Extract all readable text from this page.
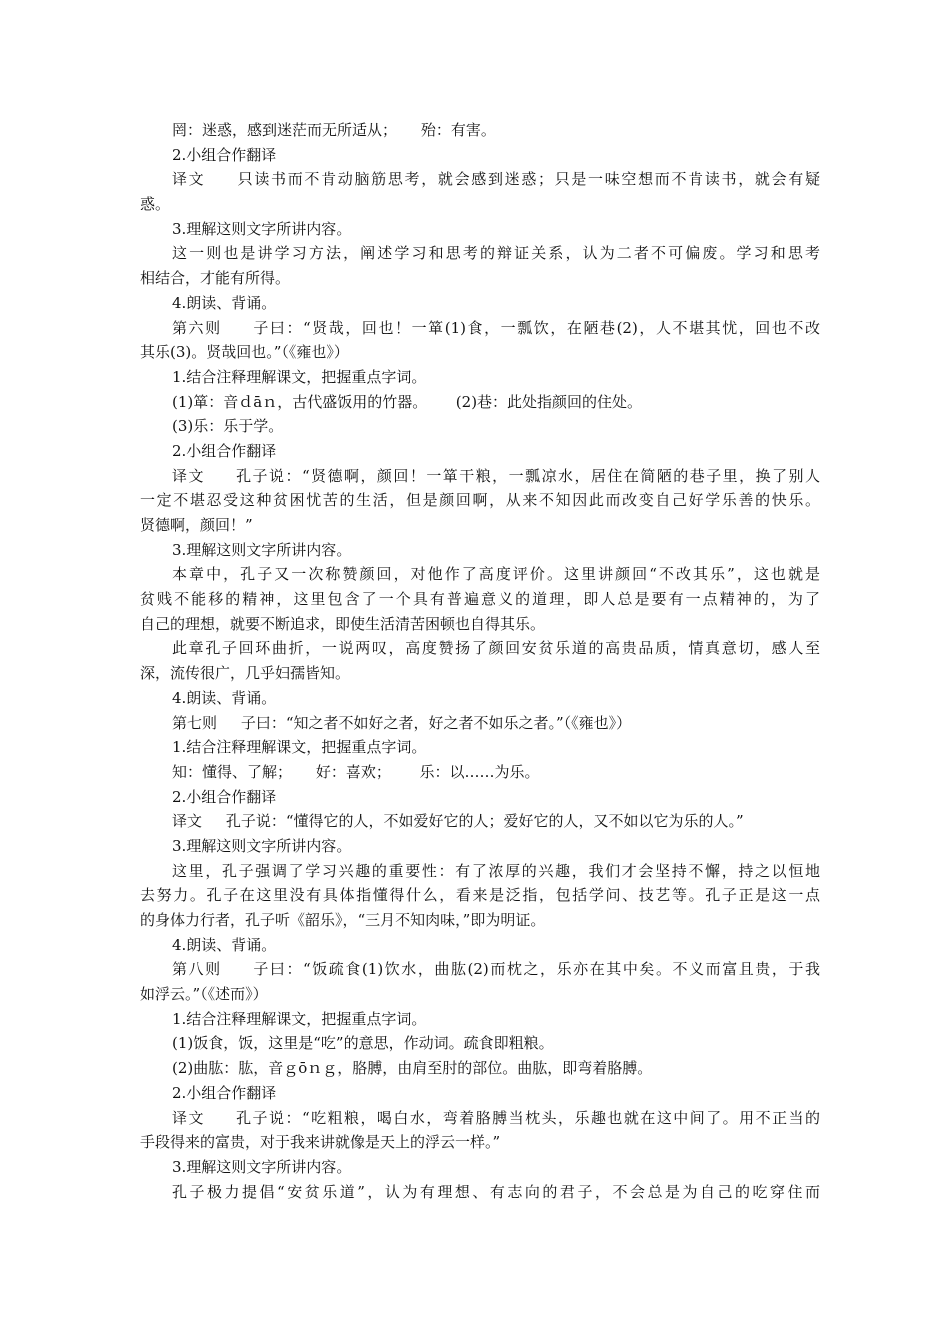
罔：迷惑，感到迷茫而无所适从；     殆：有害。
2.小组合作翻译
译文     只读书而不肯动脑筋思考，就会感到迷惑；只是一味空想而不肯读书，就会有疑
惑。
3.理解这则文字所讲内容。
这一则也是讲学习方法，阐述学习和思考的辩证关系，认为二者不可偏废。学习和思考
相结合，才能有所得。
4.朗读、背诵。
第六则     子曰：“贤哉，回也！一箪(1)食，一瓢饮，在陋巷(2)，人不堪其忧，回也不改
其乐(3)。贤哉回也。”（《雍也》）
1.结合注释理解课文，把握重点字词。
(1)箪：音ｄāｎ，古代盛饭用的竹器。      (2)巷：此处指颜回的住处。
(3)乐：乐于学。
2.小组合作翻译
译文     孔子说：“贤德啊，颜回！一箪干粮，一瓢凉水，居住在简陋的巷子里，换了别人
一定不堪忍受这种贫困忧苦的生活，但是颜回啊，从来不知因此而改变自己好学乐善的快乐。
贤德啊，颜回！”
3.理解这则文字所讲内容。
本章中，孔子又一次称赞颜回，对他作了高度评价。这里讲颜回“不改其乐”，这也就是
贫贱不能移的精神，这里包含了一个具有普遍意义的道理，即人总是要有一点精神的，为了
自己的理想，就要不断追求，即使生活清苦困顿也自得其乐。
此章孔子回环曲折，一说两叹，高度赞扬了颜回安贫乐道的高贵品质，情真意切，感人至
深，流传很广，几乎妇孺皆知。
4.朗读、背诵。
第七则     子曰：“知之者不如好之者，好之者不如乐之者。”（《雍也》）
1.结合注释理解课文，把握重点字词。
知：懂得、了解；     好：喜欢；      乐：以……为乐。
2.小组合作翻译
译文     孔子说：“懂得它的人，不如爱好它的人；爱好它的人，又不如以它为乐的人。”
3.理解这则文字所讲内容。
这里，孔子强调了学习兴趣的重要性：有了浓厚的兴趣，我们才会坚持不懈，持之以恒地
去努力。孔子在这里没有具体指懂得什么，看来是泛指，包括学问、技艺等。孔子正是这一点
的身体力行者，孔子听《韶乐》，“三月不知肉味，”即为明证。
4.朗读、背诵。
第八则     子曰：“饭疏食(1)饮水，曲肱(2)而枕之，乐亦在其中矣。不义而富且贵，于我
如浮云。”（《述而》）
1.结合注释理解课文，把握重点字词。
(1)饭食，饭，这里是“吃”的意思，作动词。疏食即粗粮。
(2)曲肱：肱，音ｇōｎｇ，胳膊，由肩至肘的部位。曲肱，即弯着胳膊。
2.小组合作翻译
译文     孔子说：“吃粗粮，喝白水，弯着胳膊当枕头，乐趣也就在这中间了。用不正当的
手段得来的富贵，对于我来讲就像是天上的浮云一样。”
3.理解这则文字所讲内容。
孔子极力提倡“安贫乐道”，认为有理想、有志向的君子，不会总是为自己的吃穿住而
